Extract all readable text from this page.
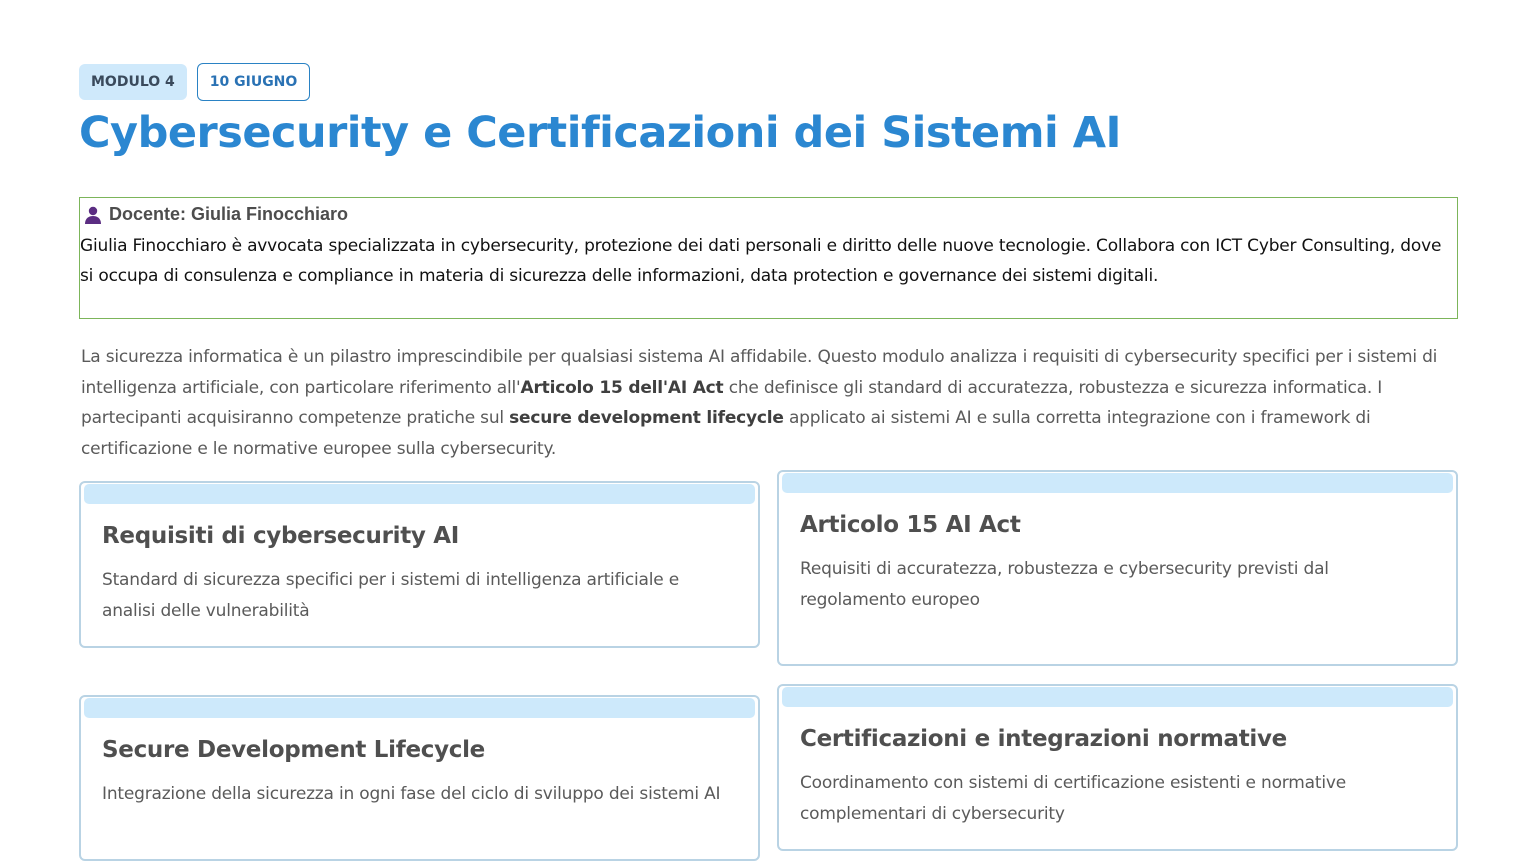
MODULO 4	10 GIUGNO
Cybersecurity e Certificazioni dei Sistemi AI
Docente: Giulia Finocchiaro

Giulia Finocchiaro è avvocata specializzata in cybersecurity, protezione dei dati personali e diritto delle nuove tecnologie. Collabora con ICT Cyber Consulting, dove si occupa di consulenza e compliance in materia di sicurezza delle informazioni, data protection e governance dei sistemi digitali.

La sicurezza informatica è un pilastro imprescindibile per qualsiasi sistema AI affidabile. Questo modulo analizza i requisiti di cybersecurity specifici per i sistemi di intelligenza artificiale, con particolare riferimento all'Articolo 15 dell'AI Act che definisce gli standard di accuratezza, robustezza e sicurezza informatica. I partecipanti acquisiranno competenze pratiche sul secure development lifecycle applicato ai sistemi AI e sulla corretta integrazione con i framework di certificazione e le normative europee sulla cybersecurity.

Requisiti di cybersecurity AI

Standard di sicurezza specifici per i sistemi di intelligenza artificiale e analisi delle vulnerabilità

Articolo 15 AI Act

Requisiti di accuratezza, robustezza e cybersecurity previsti dal regolamento europeo

Secure Development Lifecycle

Integrazione della sicurezza in ogni fase del ciclo di sviluppo dei sistemi AI

Certificazioni e integrazioni normative

Coordinamento con sistemi di certificazione esistenti e normative complementari di cybersecurity
